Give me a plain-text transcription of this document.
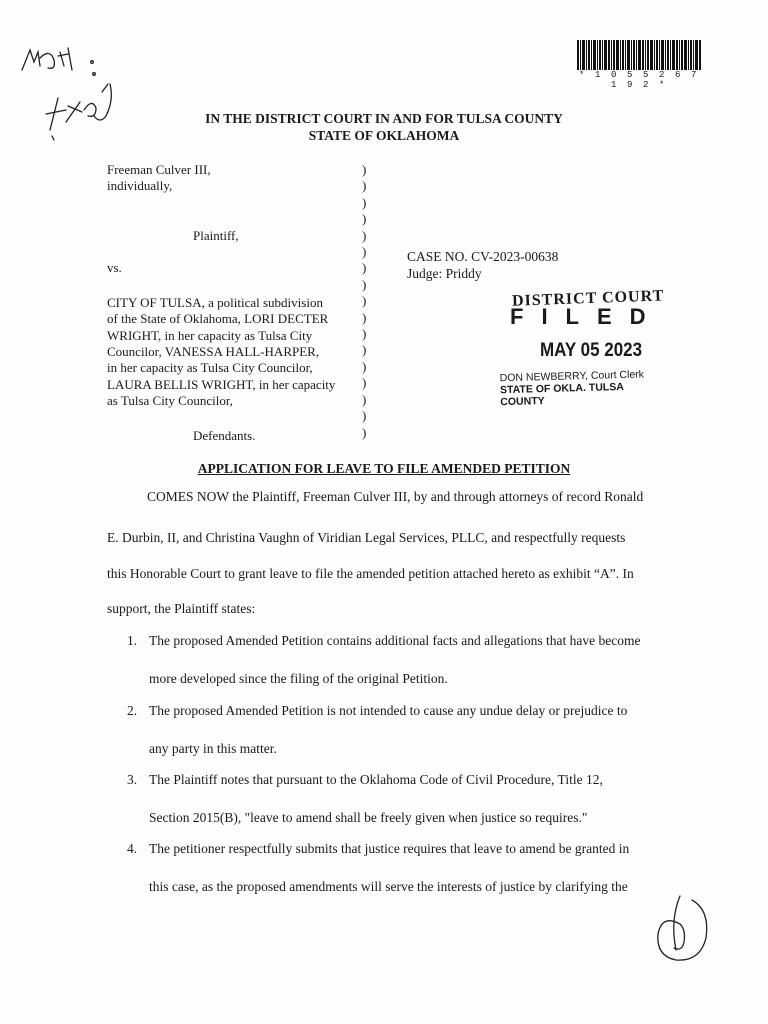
* 1 0 5 5 2 6 7 1 9 2 *
IN THE DISTRICT COURT IN AND FOR TULSA COUNTY
STATE OF OKLAHOMA
Freeman Culver III,
individually,
Plaintiff,
vs.
CITY OF TULSA, a political subdivision
of the State of Oklahoma, LORI DECTER
WRIGHT, in her capacity as Tulsa City
Councilor, VANESSA HALL-HARPER,
in her capacity as Tulsa City Councilor,
LAURA BELLIS WRIGHT, in her capacity
as Tulsa City Councilor,
Defendants.
)
)
)
)
)
)
)
)
)
)
)
)
)
)
)
)
)
CASE NO. CV-2023-00638
Judge: Priddy
DISTRICT COURT
FILED
MAY 05 2023
DON NEWBERRY, Court Clerk
STATE OF OKLA. TULSA COUNTY
APPLICATION FOR LEAVE TO FILE AMENDED PETITION
COMES NOW the Plaintiff, Freeman Culver III, by and through attorneys of record Ronald
E. Durbin, II, and Christina Vaughn of Viridian Legal Services, PLLC, and respectfully requests
this Honorable Court to grant leave to file the amended petition attached hereto as exhibit “A”. In
support, the Plaintiff states:
1. The proposed Amended Petition contains additional facts and allegations that have become
more developed since the filing of the original Petition.
2. The proposed Amended Petition is not intended to cause any undue delay or prejudice to
any party in this matter.
3. The Plaintiff notes that pursuant to the Oklahoma Code of Civil Procedure, Title 12,
Section 2015(B), "leave to amend shall be freely given when justice so requires."
4. The petitioner respectfully submits that justice requires that leave to amend be granted in
this case, as the proposed amendments will serve the interests of justice by clarifying the
